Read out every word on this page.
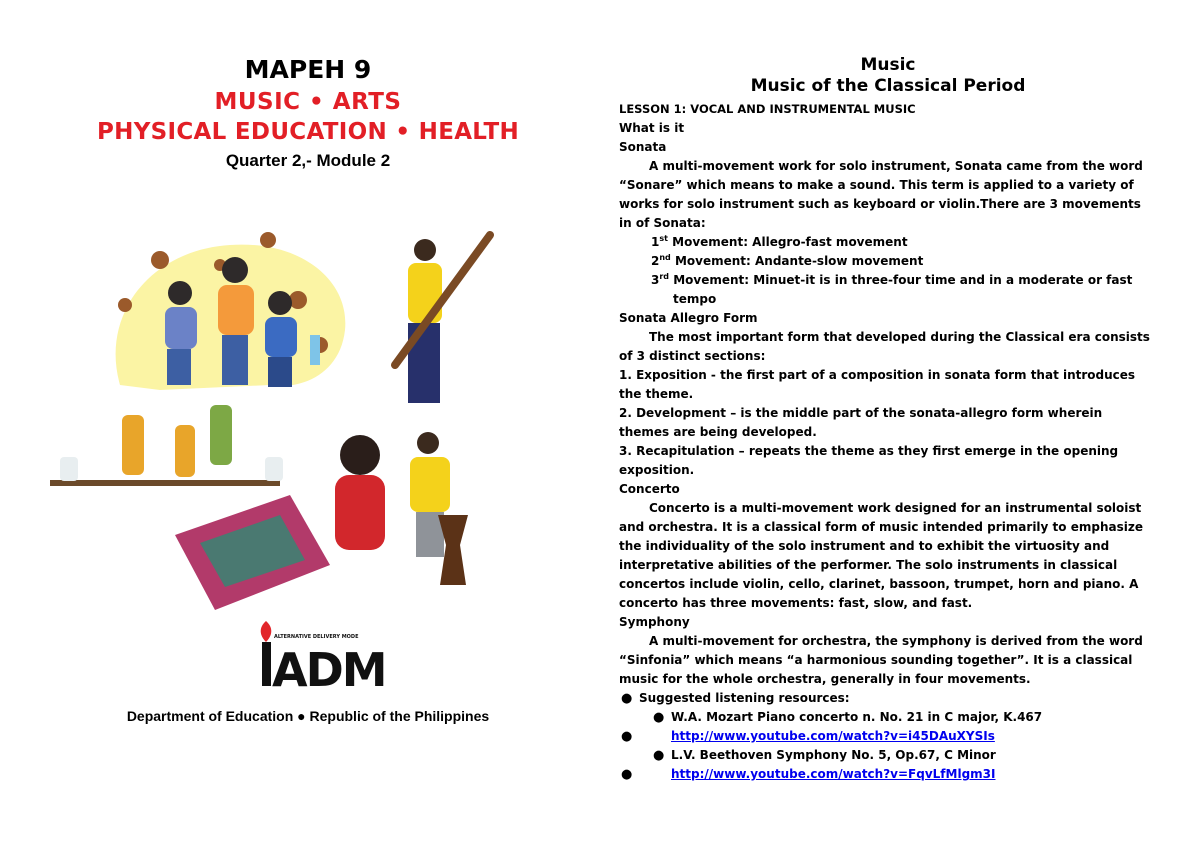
MAPEH 9
MUSIC • ARTS
PHYSICAL EDUCATION • HEALTH
Quarter 2,- Module 2
ALTERNATIVE DELIVERY MODE
ADM
Department of Education ● Republic of the Philippines
Music
Music of the Classical Period
LESSON 1: VOCAL AND INSTRUMENTAL MUSIC
What is it
Sonata
A multi-movement work for solo instrument, Sonata came from the word
“Sonare” which means to make a sound. This term is applied to a variety of
works for solo instrument such as keyboard or violin.There are 3 movements
in of Sonata:
1st Movement: Allegro-fast movement
2nd Movement: Andante-slow movement
3rd Movement: Minuet-it is in three-four time and in a moderate or fast
tempo
Sonata Allegro Form
The most important form that developed during the Classical era consists
of 3 distinct sections:
1. Exposition - the first part of a composition in sonata form that introduces
the theme.
2. Development – is the middle part of the sonata-allegro form wherein
themes are being developed.
3. Recapitulation – repeats the theme as they first emerge in the opening
exposition.
Concerto
Concerto is a multi-movement work designed for an instrumental soloist
and orchestra. It is a classical form of music intended primarily to emphasize
the individuality of the solo instrument and to exhibit the virtuosity and
interpretative abilities of the performer. The solo instruments in classical
concertos include violin, cello, clarinet, bassoon, trumpet, horn and piano. A
concerto has three movements: fast, slow, and fast.
Symphony
A multi-movement for orchestra, the symphony is derived from the word
“Sinfonia” which means “a harmonious sounding together”. It is a classical
music for the whole orchestra, generally in four movements.
● Suggested listening resources:
● W.A. Mozart Piano concerto n. No. 21 in C major, K.467
●	http://www.youtube.com/watch?v=i45DAuXYSIs
● L.V. Beethoven Symphony No. 5, Op.67, C Minor
●	http://www.youtube.com/watch?v=FqvLfMlgm3I
